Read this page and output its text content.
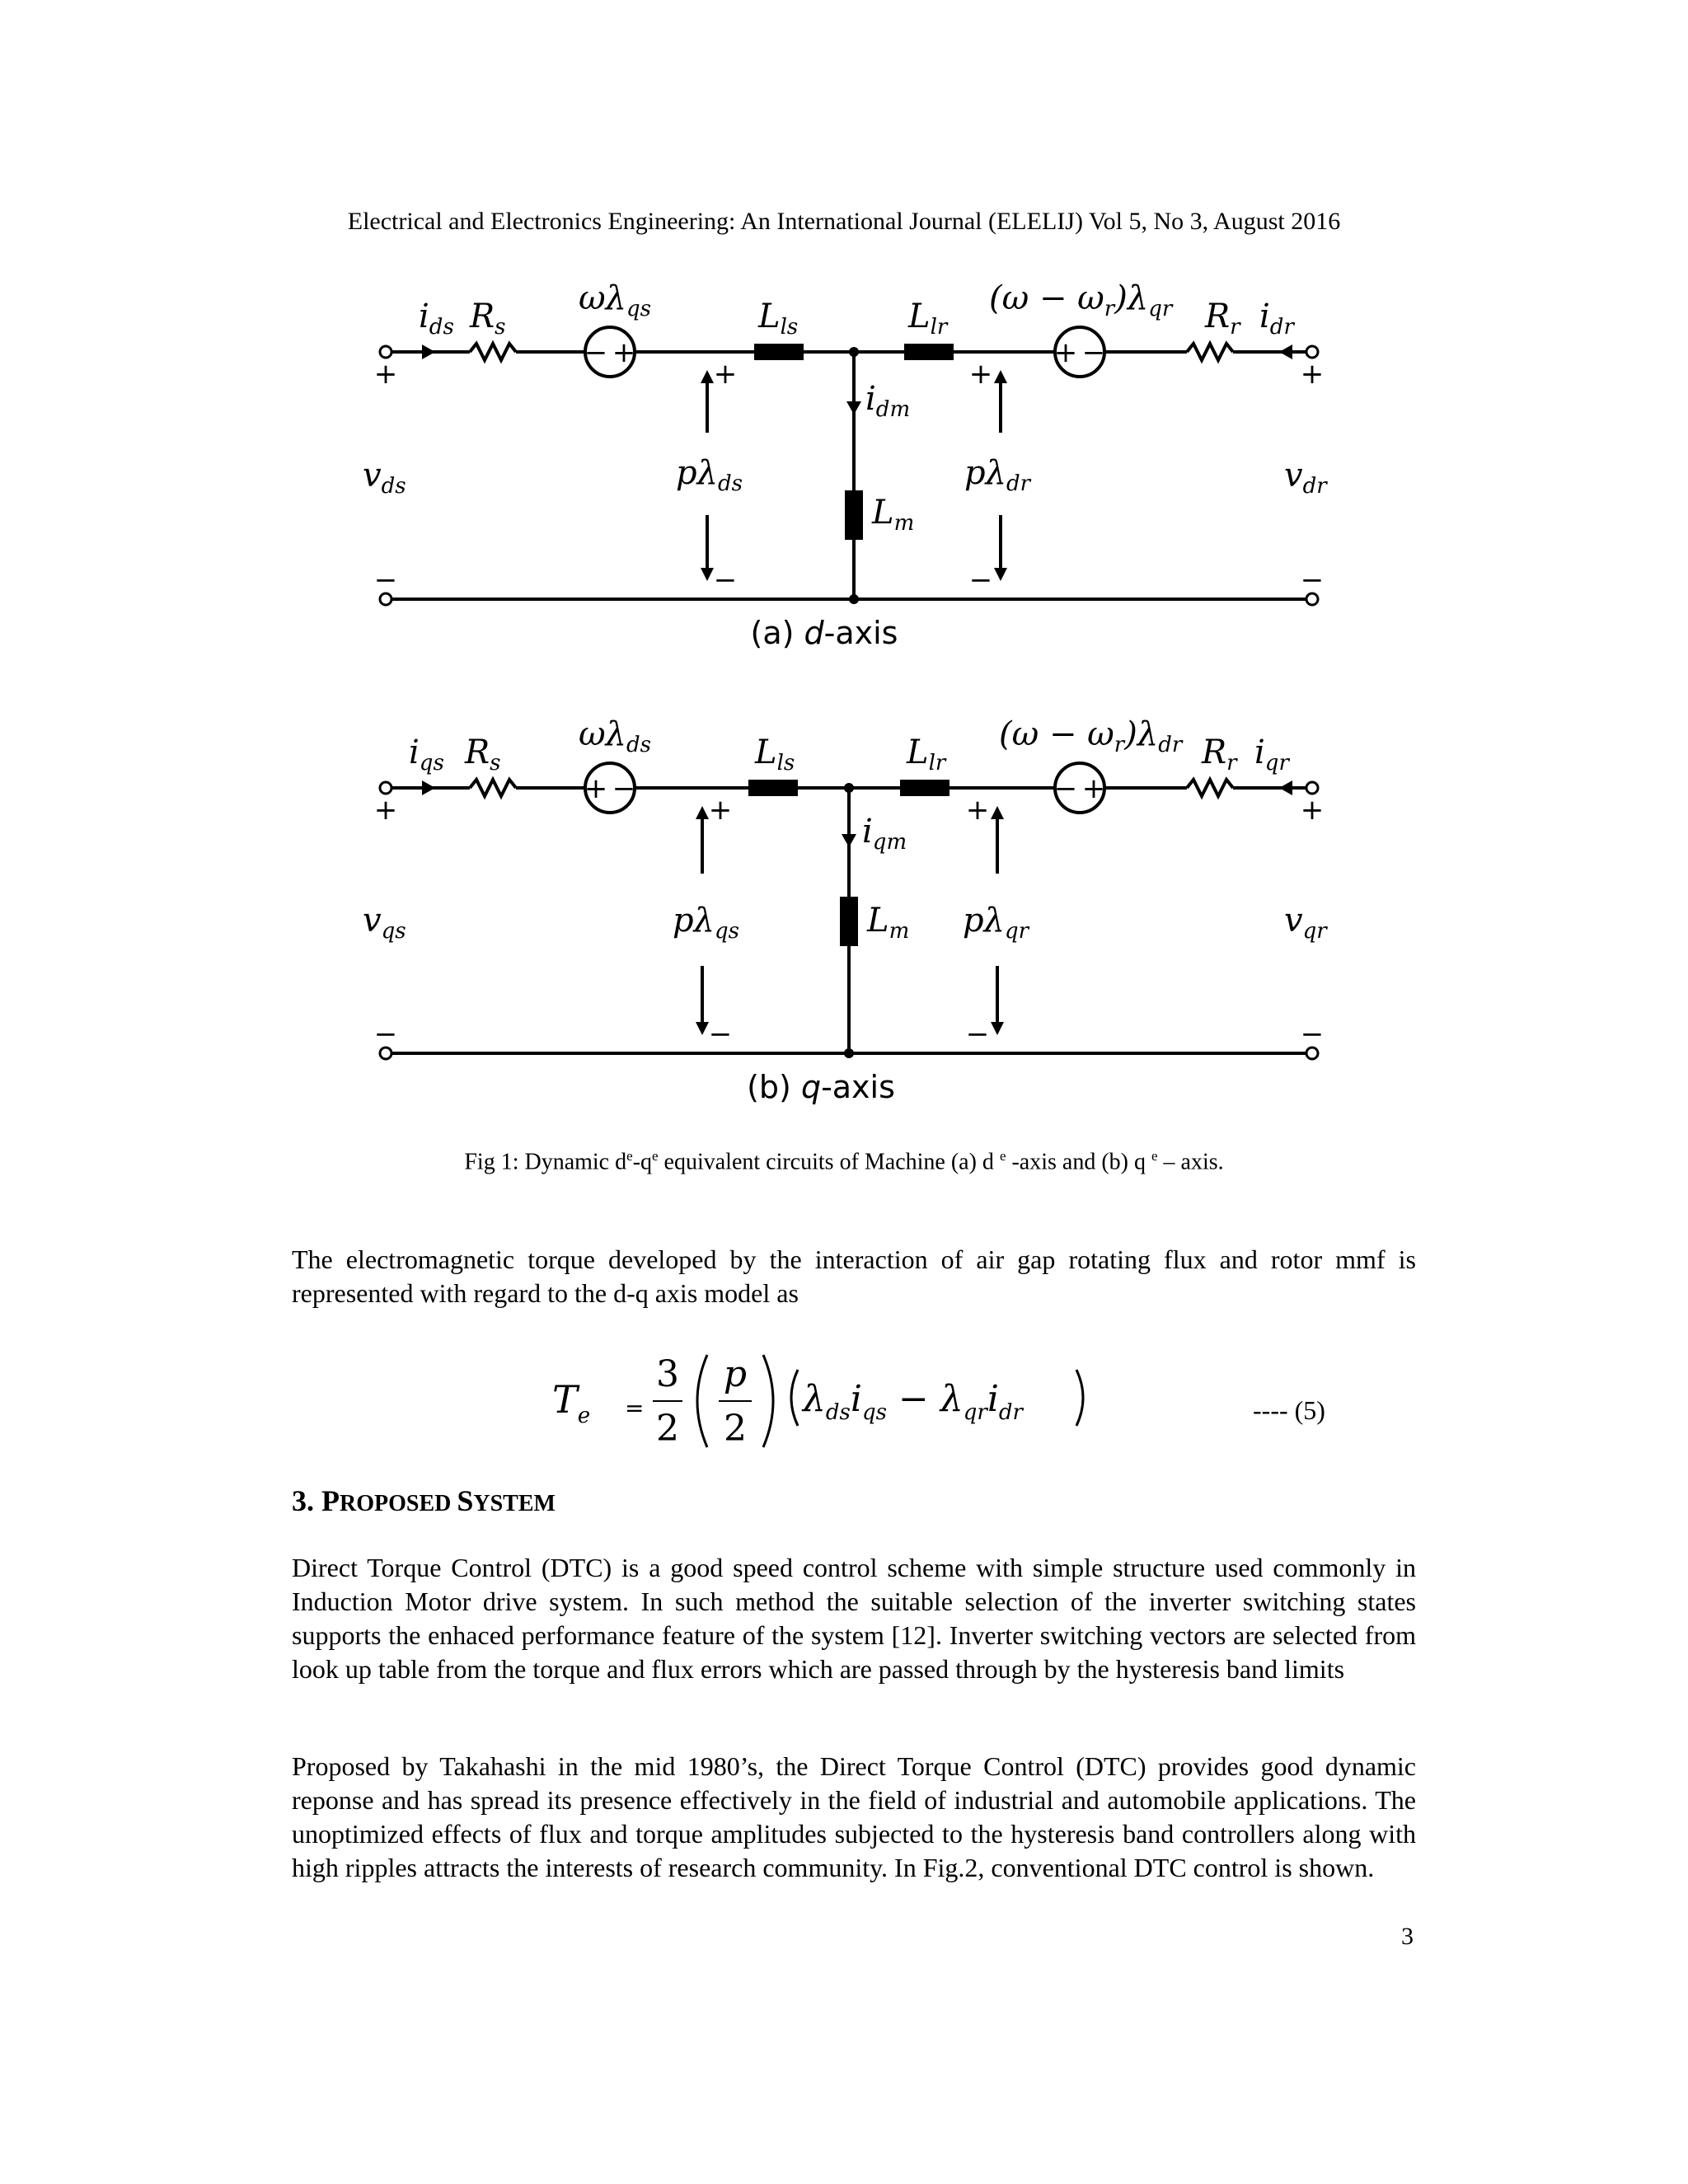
Electrical and Electronics Engineering: An International Journal (ELELIJ) Vol 5, No 3, August 2016
− +	+ −
+
−
+
−
+
−
+
−
$i_{ds}$ $R_s$
$\omega\lambda_{qs}$	$L_{ls}$	$L_{lr}$
$(\omega - \omega_r)\lambda_{qr}$ $R_r$ $i_{dr}$
$i_{dm}$
$L_m$
$v_{ds}$	$v_{dr}$
$p\lambda_{ds}$	$p\lambda_{dr}$
(a) d-axis
+ −	− +
+
−
+
−
+
−
+
−
$i_{qs}$ $R_s$
$\omega\lambda_{ds}$	$L_{ls}$	$L_{lr}$
$(\omega - \omega_r)\lambda_{dr}$ $R_r$ $i_{qr}$
$i_{qm}$
$L_m$
$v_{qs}$	$v_{qr}$
$p\lambda_{qs}$	$p\lambda_{qr}$
(b) q-axis
Fig 1: Dynamic $d^e-q^e$ equivalent circuits of Machine (a) d $^e$ -axis and (b) q $^e$ – axis.
The electromagnetic torque developed by the interaction of air gap rotating flux and rotor mmf is represented with regard to the d-q axis model as
$T_e$ =
3
2
p
2
$\lambda_{ds}i_{qs} - \lambda_{qr}i_{dr}$	---- (5)
3. PROPOSED SYSTEM
Direct Torque Control (DTC) is a good speed control scheme with simple structure used commonly in Induction Motor drive system. In such method the suitable selection of the inverter switching states supports the enhaced performance feature of the system [12]. Inverter switching vectors are selected from look up table from the torque and flux errors which are passed through by the hysteresis band limits
Proposed by Takahashi in the mid 1980’s, the Direct Torque Control (DTC) provides good dynamic reponse and has spread its presence effectively in the field of industrial and automobile applications. The unoptimized effects of flux and torque amplitudes subjected to the hysteresis band controllers along with high ripples attracts the interests of research community. In Fig.2, conventional DTC control is shown.
3
